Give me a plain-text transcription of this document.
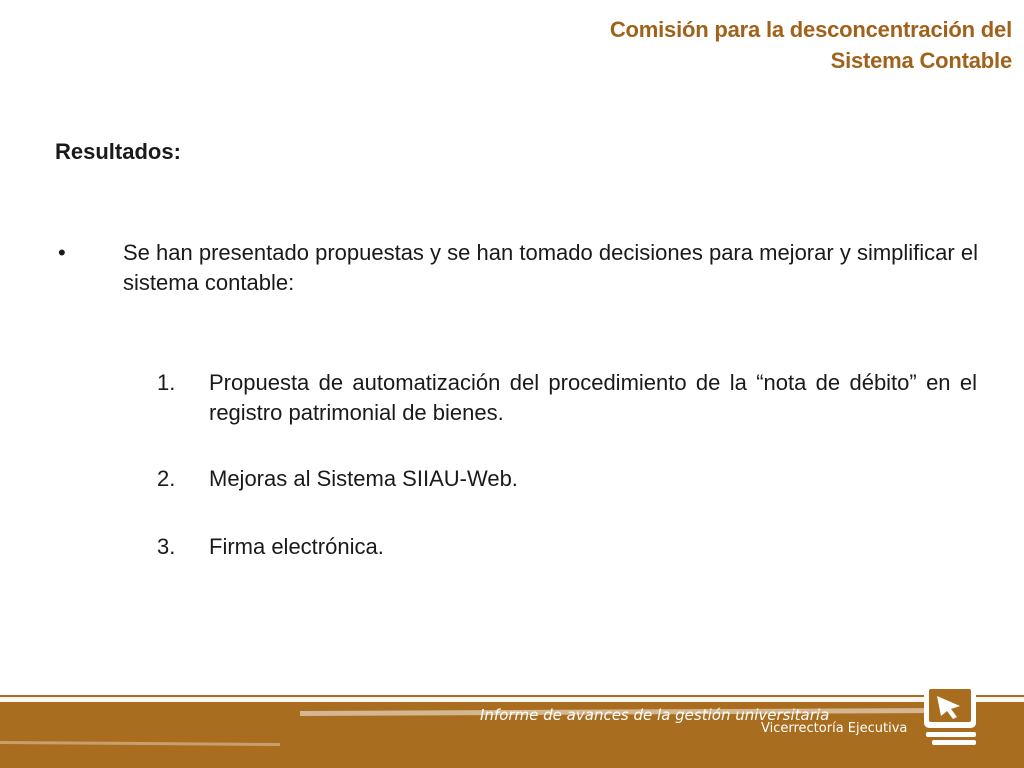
Comisión para la desconcentración del
Sistema Contable
Resultados:
•	Se han presentado propuestas y se han tomado decisiones para mejorar y simplificar el sistema contable:
1.	Propuesta de automatización del procedimiento de la “nota de débito” en el registro patrimonial de bienes.
2.	Mejoras al Sistema SIIAU-Web.
3.	Firma electrónica.
Informe de avances de la gestión universitaria
Vicerrectoría Ejecutiva
